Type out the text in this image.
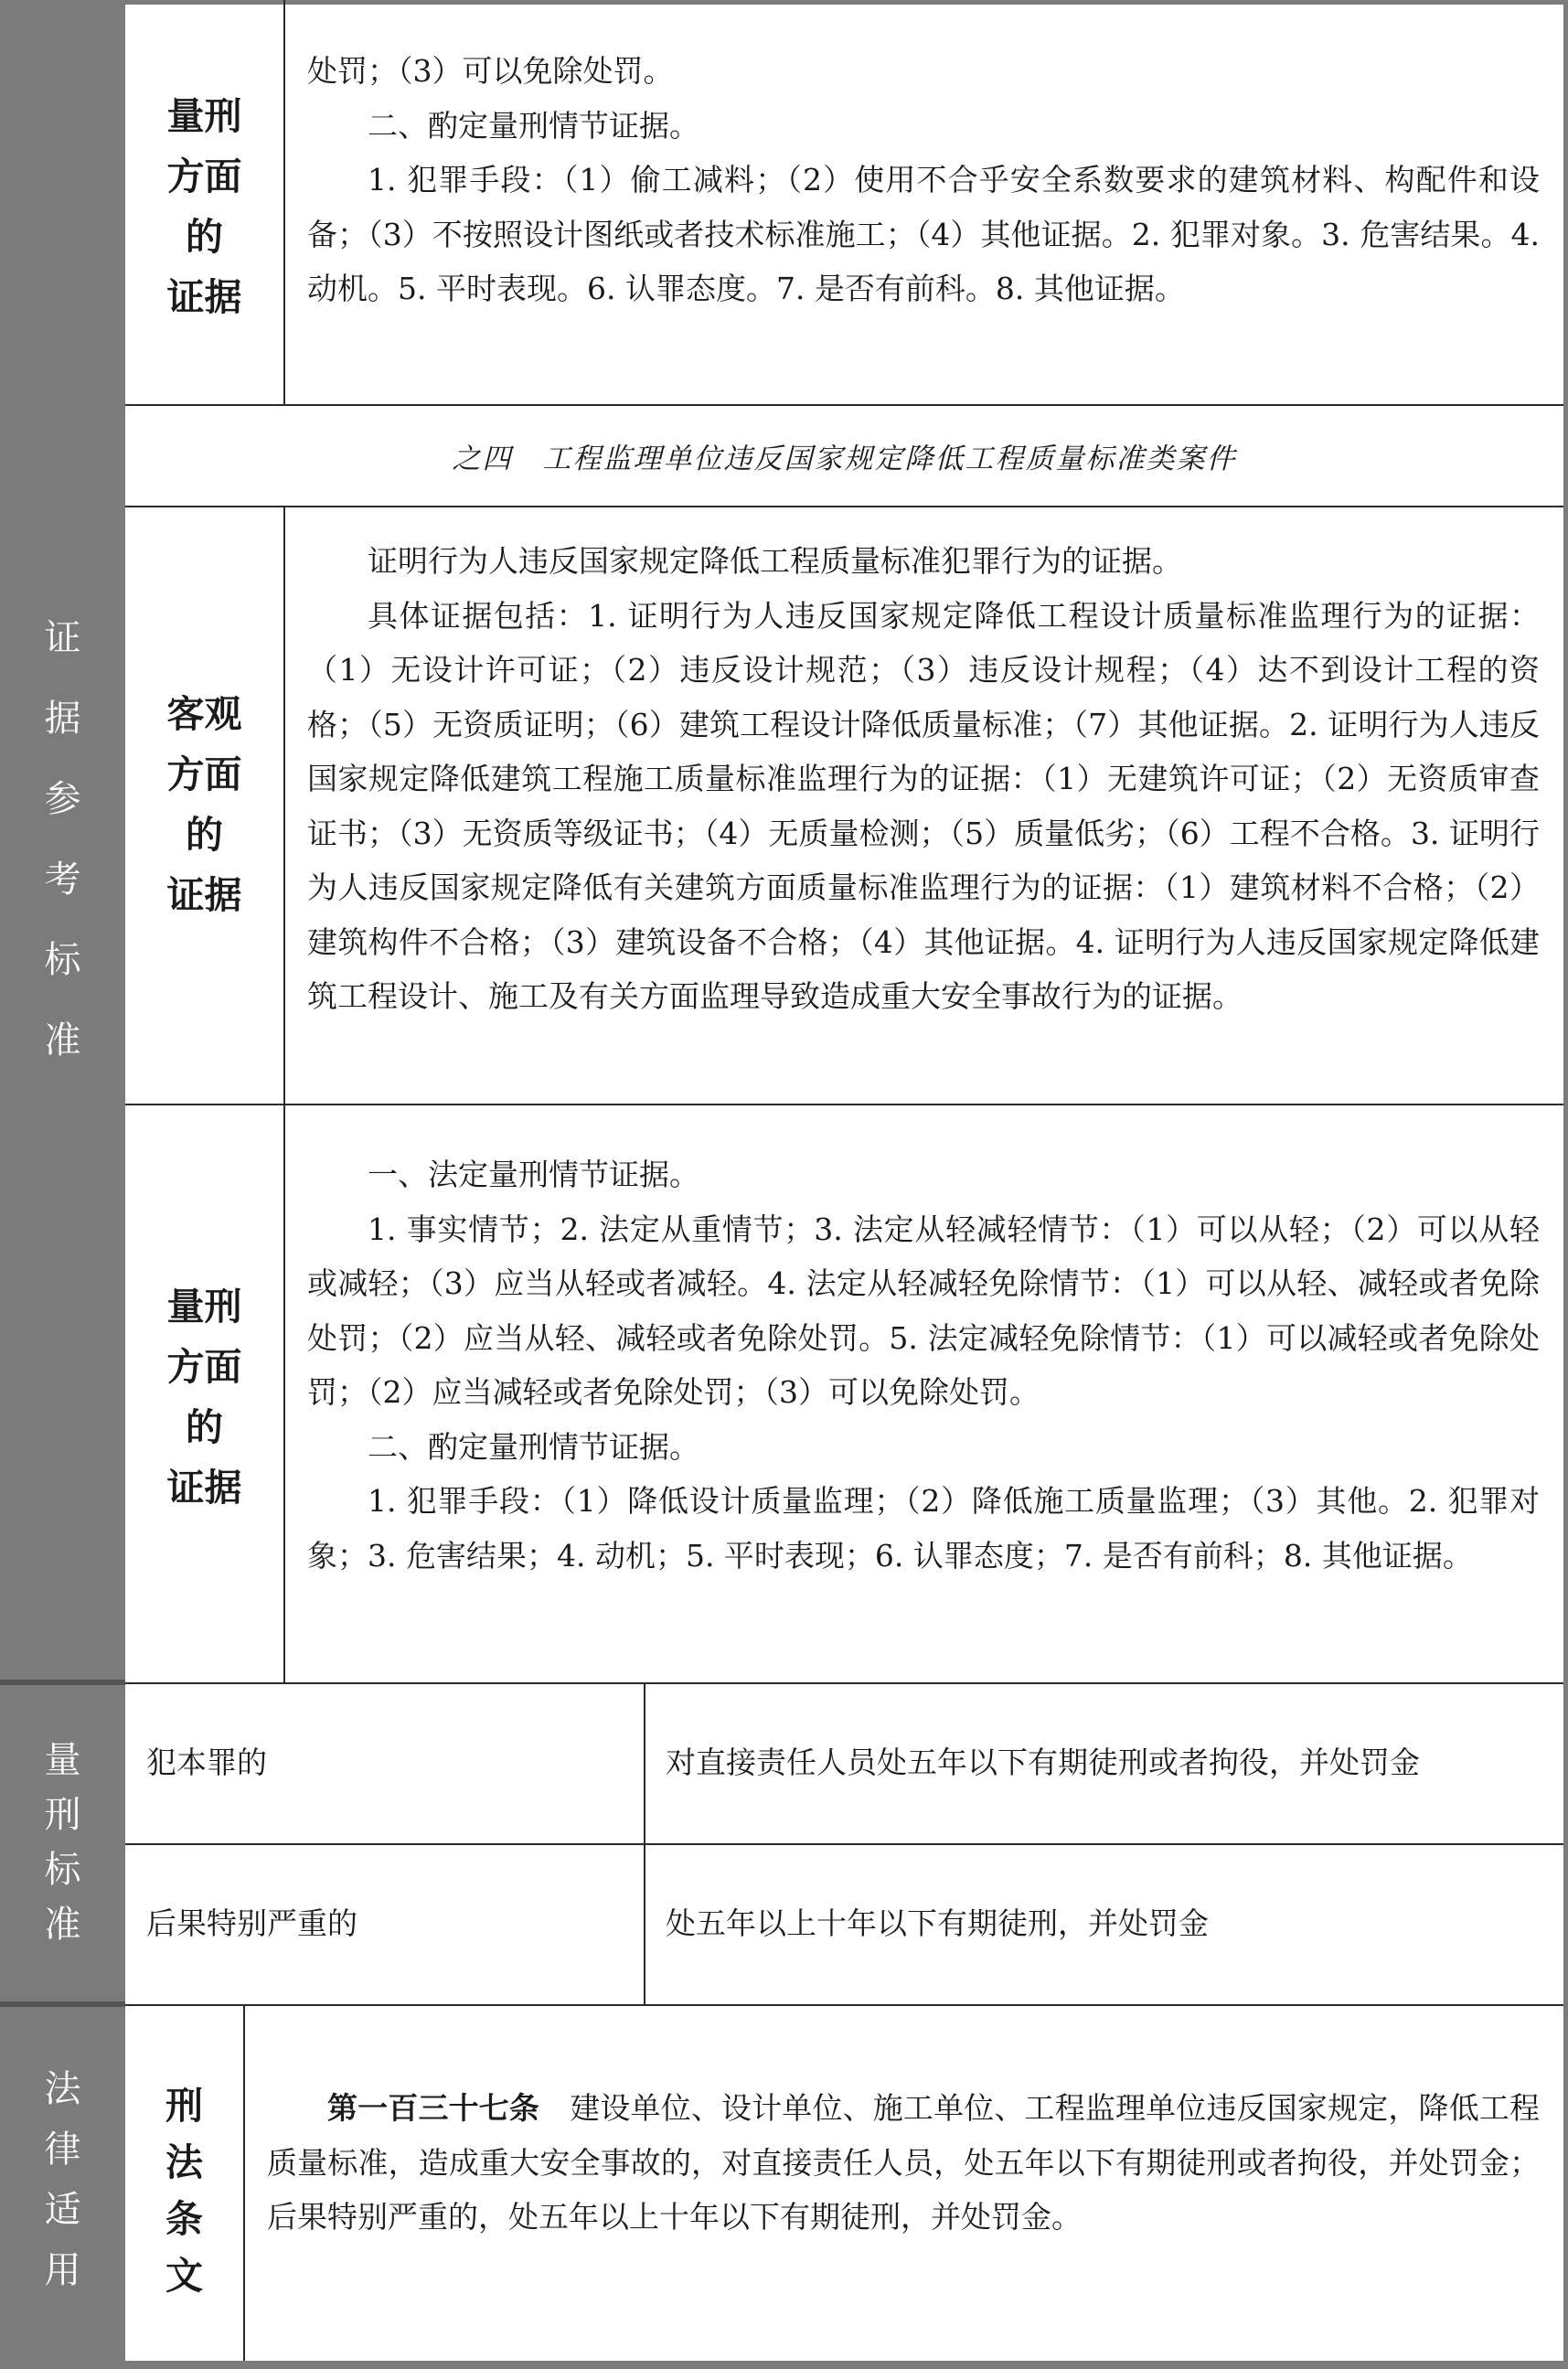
证
据
参
考
标
准
量
刑
标
准
法
律
适
用
量刑
方面
的
证据

处罚；（3）可以免除处罚。

二、酌定量刑情节证据。

1. 犯罪手段：（1）偷工减料；（2）使用不合乎安全系数要求的建筑材料、构配件和设备；（3）不按照设计图纸或者技术标准施工；（4）其他证据。2. 犯罪对象。3. 危害结果。4. 动机。5. 平时表现。6. 认罪态度。7. 是否有前科。8. 其他证据。

之四　工程监理单位违反国家规定降低工程质量标准类案件
客观
方面
的
证据

证明行为人违反国家规定降低工程质量标准犯罪行为的证据。

具体证据包括：1. 证明行为人违反国家规定降低工程设计质量标准监理行为的证据：（1）无设计许可证；（2）违反设计规范；（3）违反设计规程；（4）达不到设计工程的资格；（5）无资质证明；（6）建筑工程设计降低质量标准；（7）其他证据。2. 证明行为人违反国家规定降低建筑工程施工质量标准监理行为的证据：（1）无建筑许可证；（2）无资质审查证书；（3）无资质等级证书；（4）无质量检测；（5）质量低劣；（6）工程不合格。3. 证明行为人违反国家规定降低有关建筑方面质量标准监理行为的证据：（1）建筑材料不合格；（2）建筑构件不合格；（3）建筑设备不合格；（4）其他证据。4. 证明行为人违反国家规定降低建筑工程设计、施工及有关方面监理导致造成重大安全事故行为的证据。

量刑
方面
的
证据

一、法定量刑情节证据。

1. 事实情节；2. 法定从重情节；3. 法定从轻减轻情节：（1）可以从轻；（2）可以从轻或减轻；（3）应当从轻或者减轻。4. 法定从轻减轻免除情节：（1）可以从轻、减轻或者免除处罚；（2）应当从轻、减轻或者免除处罚。5. 法定减轻免除情节：（1）可以减轻或者免除处罚；（2）应当减轻或者免除处罚；（3）可以免除处罚。

二、酌定量刑情节证据。

1. 犯罪手段：（1）降低设计质量监理；（2）降低施工质量监理；（3）其他。2. 犯罪对象；3. 危害结果；4. 动机；5. 平时表现；6. 认罪态度；7. 是否有前科；8. 其他证据。

犯本罪的	对直接责任人员处五年以下有期徒刑或者拘役，并处罚金
后果特别严重的	处五年以上十年以下有期徒刑，并处罚金
刑
法
条
文

第一百三十七条　 建设单位、设计单位、施工单位、工程监理单位违反国家规定，降低工程质量标准，造成重大安全事故的，对直接责任人员，处五年以下有期徒刑或者拘役，并处罚金；后果特别严重的，处五年以上十年以下有期徒刑，并处罚金。
